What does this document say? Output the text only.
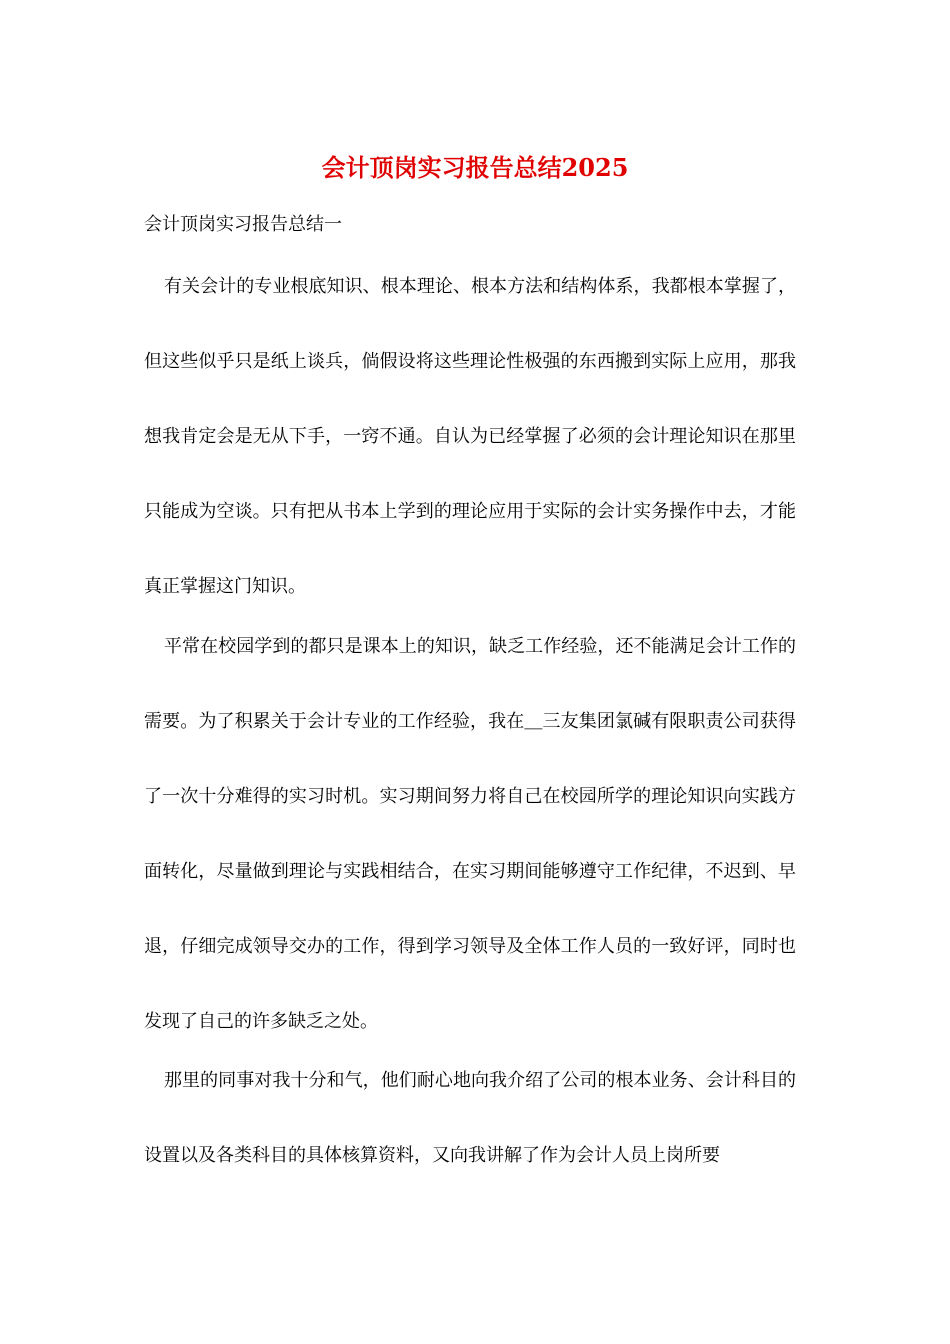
会计顶岗实习报告总结2025

会计顶岗实习报告总结一

有关会计的专业根底知识、根本理论、根本方法和结构体系，我都根本掌握了，但这些似乎只是纸上谈兵，倘假设将这些理论性极强的东西搬到实际上应用，那我想我肯定会是无从下手，一窍不通。自认为已经掌握了必须的会计理论知识在那里只能成为空谈。只有把从书本上学到的理论应用于实际的会计实务操作中去，才能真正掌握这门知识。

平常在校园学到的都只是课本上的知识，缺乏工作经验，还不能满足会计工作的需要。为了积累关于会计专业的工作经验，我在＿三友集团氯碱有限职责公司获得了一次十分难得的实习时机。实习期间努力将自己在校园所学的理论知识向实践方面转化，尽量做到理论与实践相结合，在实习期间能够遵守工作纪律，不迟到、早退，仔细完成领导交办的工作，得到学习领导及全体工作人员的一致好评，同时也发现了自己的许多缺乏之处。

那里的同事对我十分和气，他们耐心地向我介绍了公司的根本业务、会计科目的设置以及各类科目的具体核算资料，又向我讲解了作为会计人员上岗所要
